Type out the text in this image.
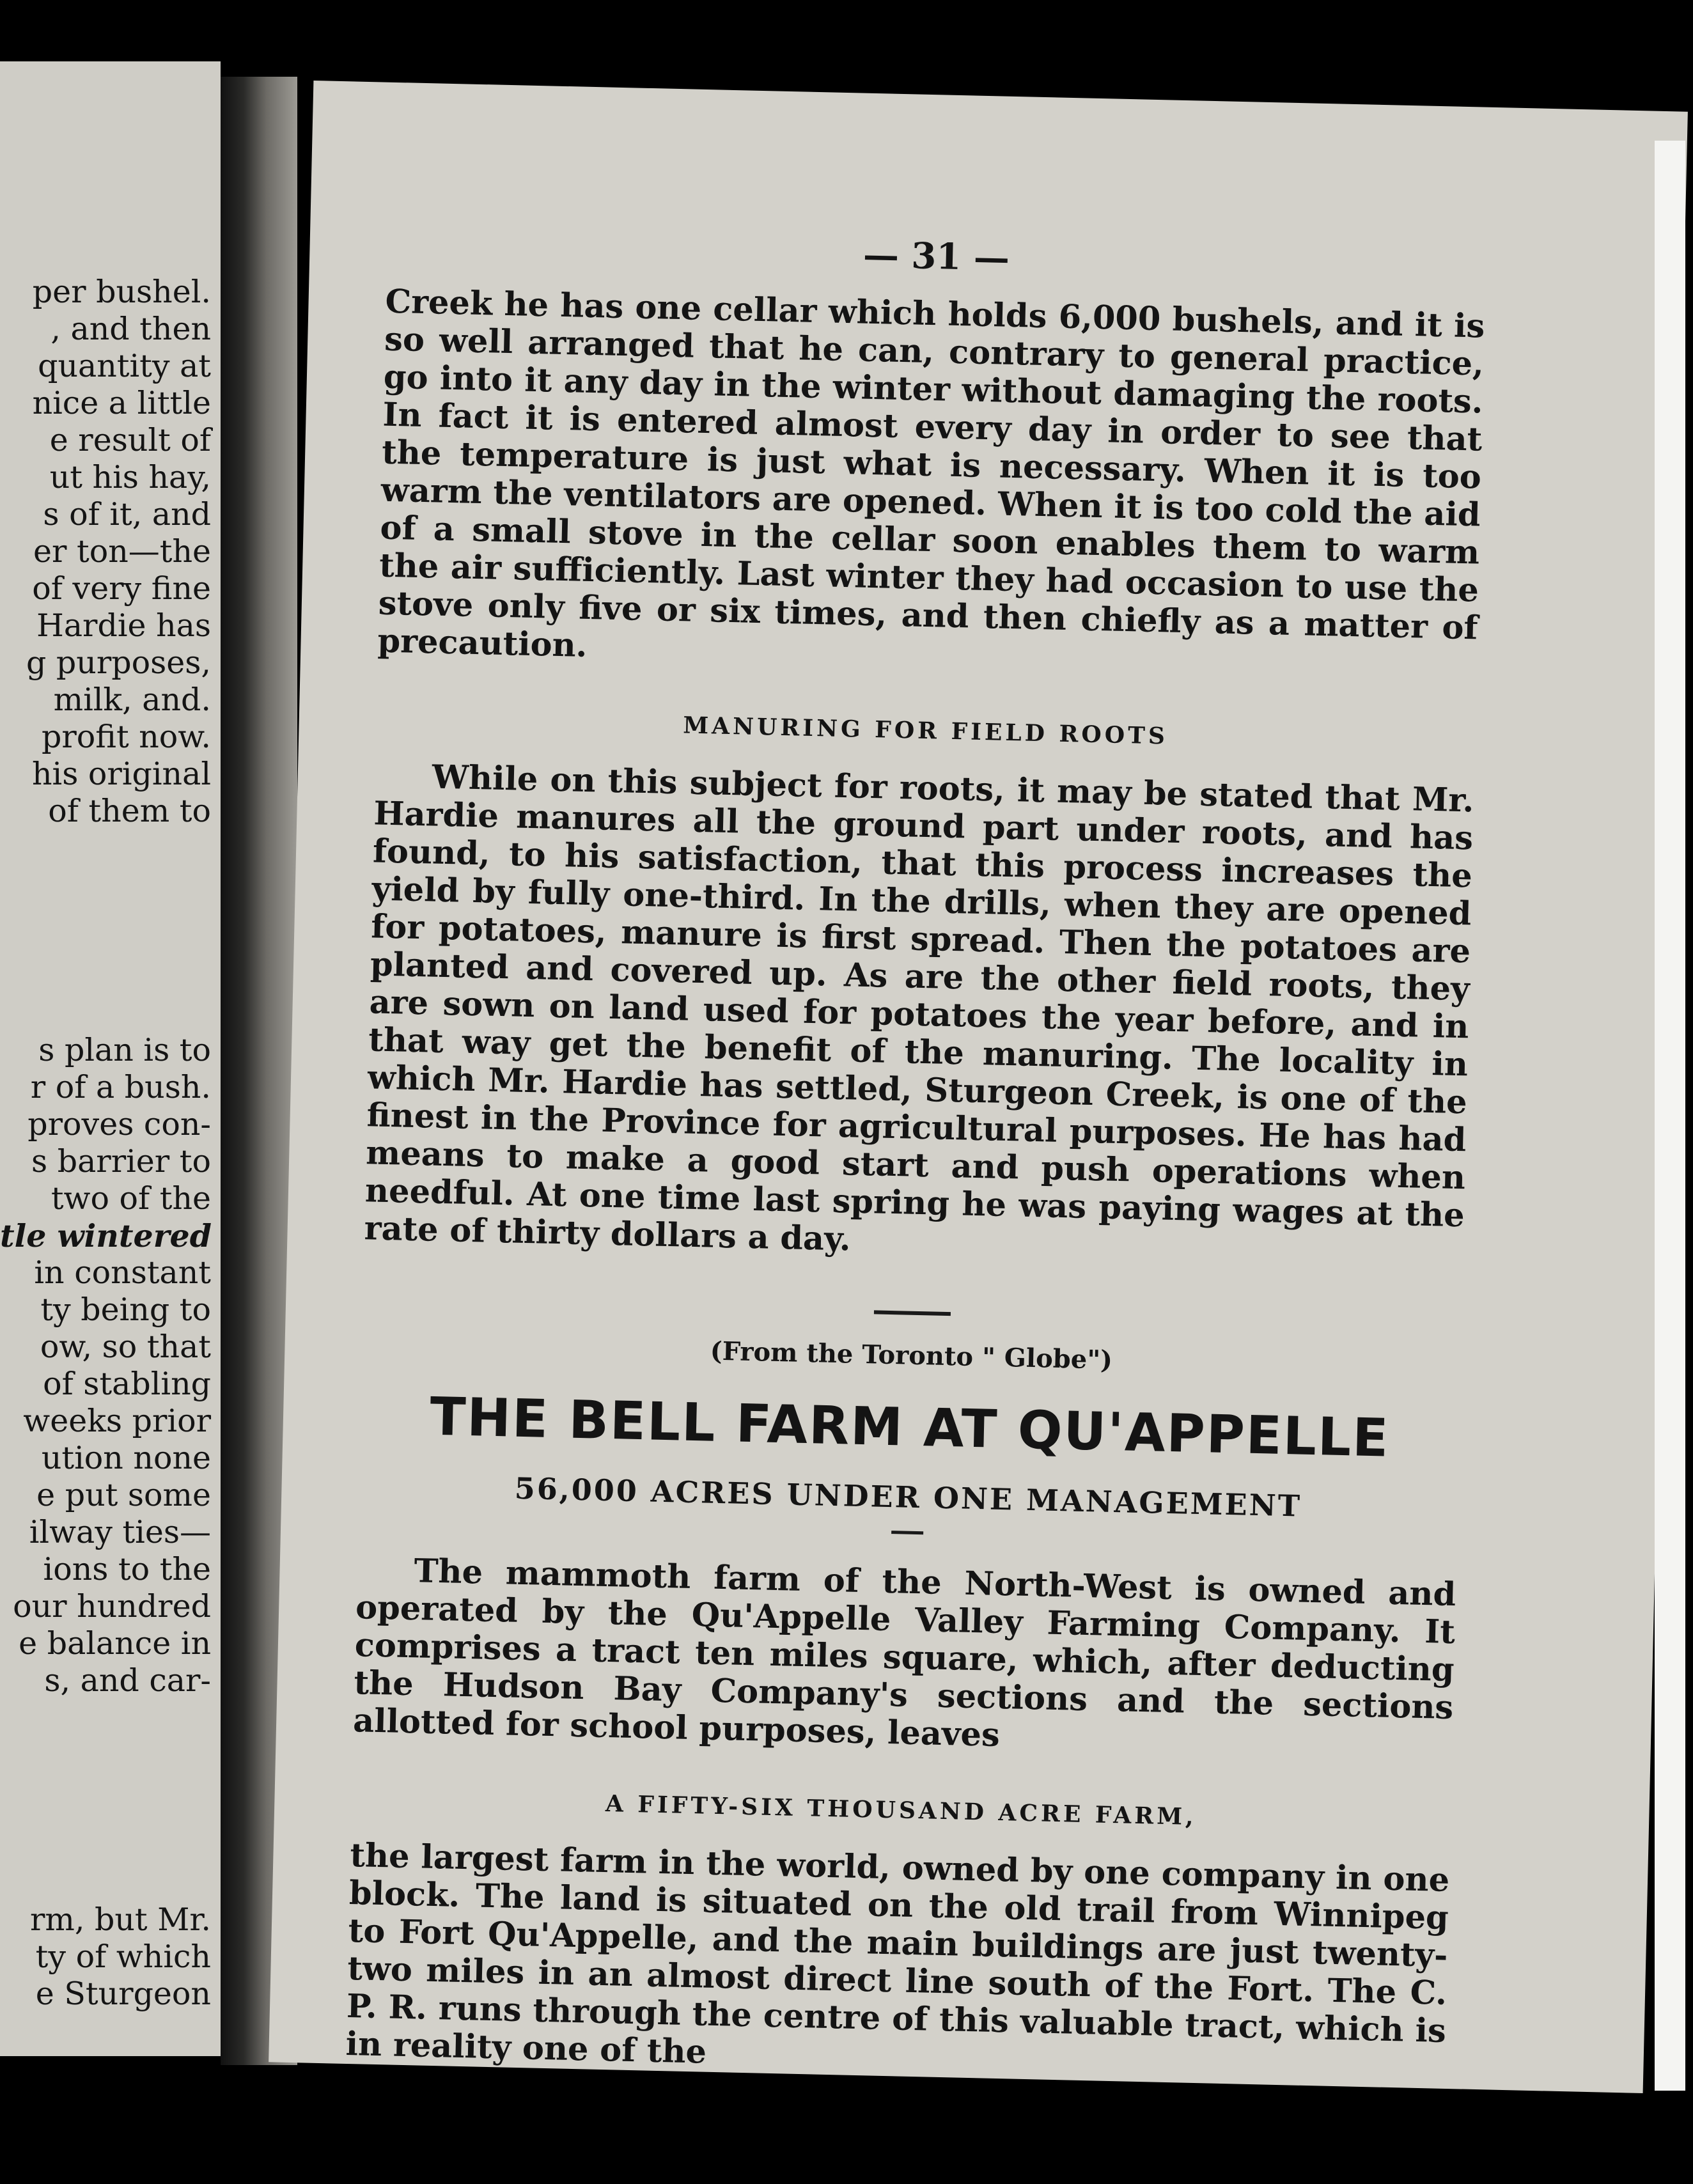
per bushel.
, and then
quantity at
nice a little
e result of
ut his hay,
s of it, and
er ton—the
of very fine
Hardie has
g purposes,
milk, and.
profit now.
his original
of them to
s plan is to
r of a bush.
proves con-
s barrier to
two of the
tle wintered
in constant
ty being to
ow, so that
of stabling
weeks prior
ution none
e put some
ilway ties—
ions to the
our hundred
e balance in
s, and car-
rm, but Mr.
ty of which
e Sturgeon
— 31 —

Creek he has one cellar which holds 6,000 bushels, and it is so well arranged that he can, contrary to general practice, go into it any day in the winter without damaging the roots. In fact it is entered almost every day in order to see that the temperature is just what is necessary. When it is too warm the ventilators are opened. When it is too cold the aid of a small stove in the cellar soon enables them to warm the air sufficiently. Last winter they had occasion to use the stove only five or six times, and then chiefly as a matter of precaution.

MANURING FOR FIELD ROOTS

While on this subject for roots, it may be stated that Mr. Hardie manures all the ground part under roots, and has found, to his satisfaction, that this process increases the yield by fully one-third. In the drills, when they are opened for potatoes, manure is first spread. Then the potatoes are planted and covered up. As are the other field roots, they are sown on land used for potatoes the year before, and in that way get the benefit of the manuring. The locality in which Mr. Hardie has settled, Sturgeon Creek, is one of the finest in the Province for agricultural purposes. He has had means to make a good start and push operations when needful. At one time last spring he was paying wages at the rate of thirty dollars a day.

(From the Toronto " Globe")
THE BELL FARM AT QU'APPELLE
56,000 ACRES UNDER ONE MANAGEMENT

The mammoth farm of the North-West is owned and operated by the Qu'Appelle Valley Farming Company. It comprises a tract ten miles square, which, after deducting the Hudson Bay Company's sections and the sections allotted for school purposes, leaves

A FIFTY-SIX THOUSAND ACRE FARM,

the largest farm in the world, owned by one company in one block. The land is situated on the old trail from Winnipeg to Fort Qu'Appelle, and the main buildings are just twenty-two miles in an almost direct line south of the Fort. The C. P. R. runs through the centre of this valuable tract, which is in reality one of the
